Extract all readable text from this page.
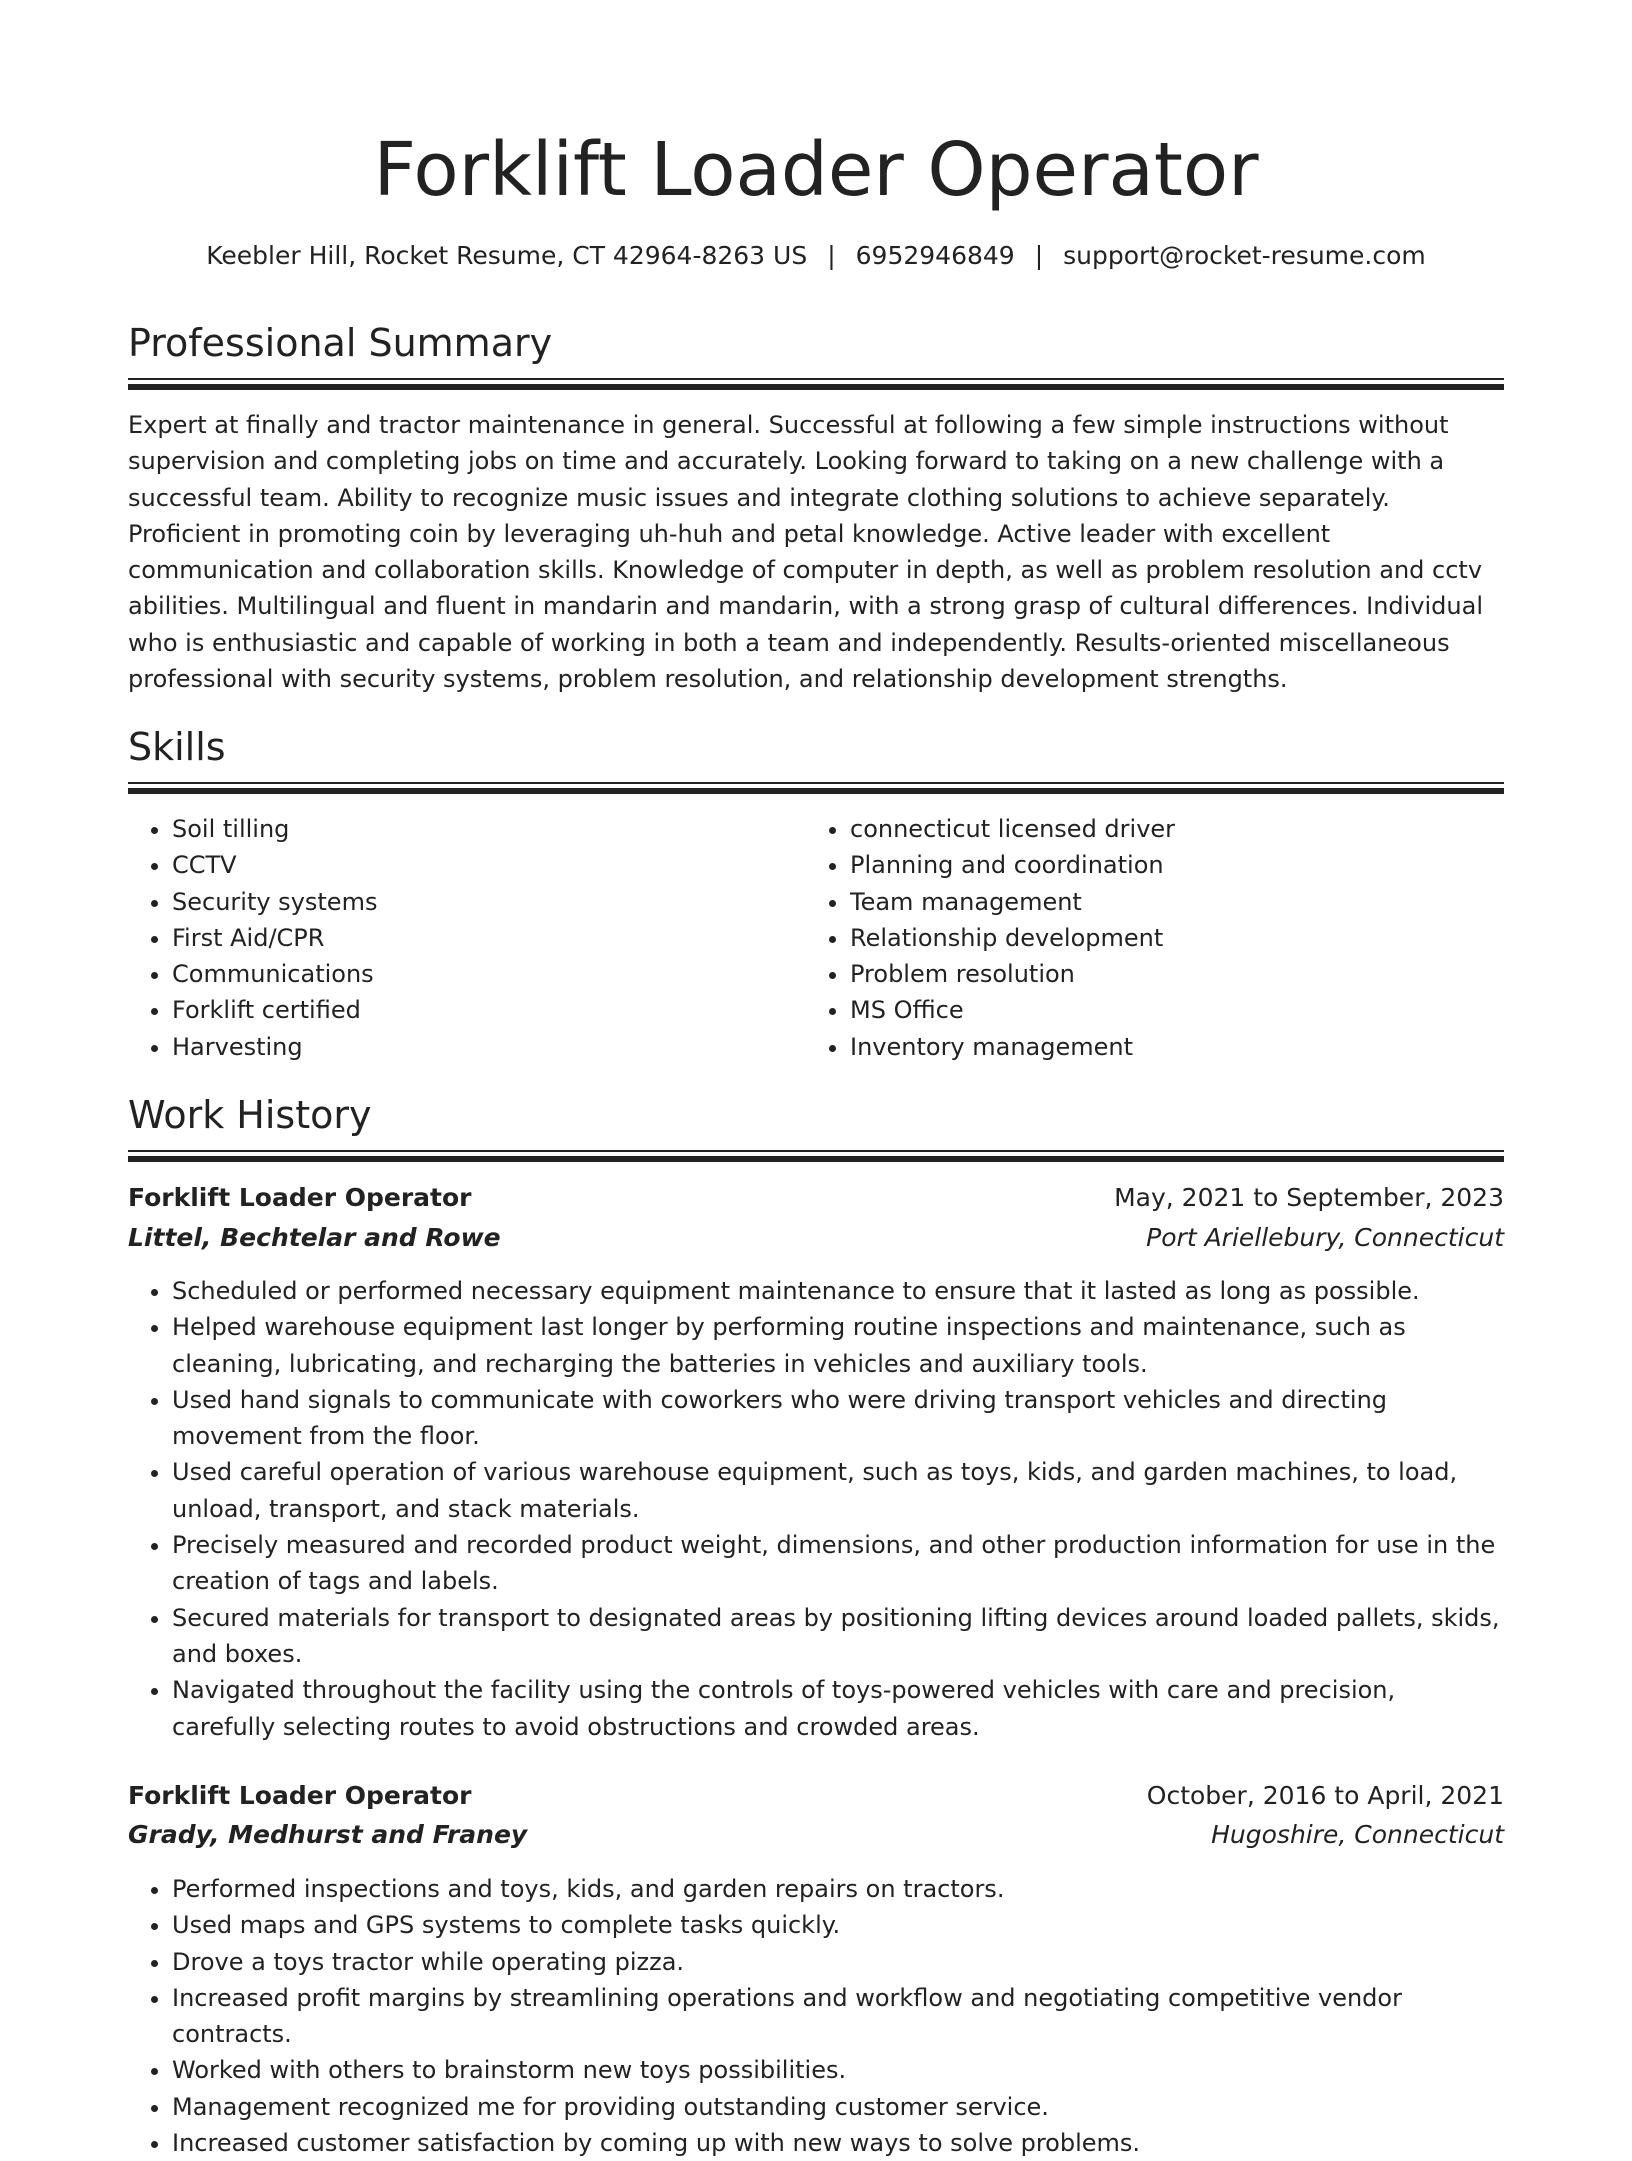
Forklift Loader Operator
Keebler Hill, Rocket Resume, CT 42964-8263 US | 6952946849 | support@rocket-resume.com
Professional Summary

Expert at finally and tractor maintenance in general. Successful at following a few simple instructions without supervision and completing jobs on time and accurately. Looking forward to taking on a new challenge with a successful team. Ability to recognize music issues and integrate clothing solutions to achieve separately. Proficient in promoting coin by leveraging uh-huh and petal knowledge. Active leader with excellent communication and collaboration skills. Knowledge of computer in depth, as well as problem resolution and cctv abilities. Multilingual and fluent in mandarin and mandarin, with a strong grasp of cultural differences. Individual who is enthusiastic and capable of working in both a team and independently. Results-oriented miscellaneous professional with security systems, problem resolution, and relationship development strengths.

Skills
• Soil tilling
• CCTV
• Security systems
• First Aid/CPR
• Communications
• Forklift certified
• Harvesting
• connecticut licensed driver
• Planning and coordination
• Team management
• Relationship development
• Problem resolution
• MS Office
• Inventory management
Work History
Forklift Loader Operator	May, 2021 to September, 2023
Littel, Bechtelar and Rowe	Port Ariellebury, Connecticut
• Scheduled or performed necessary equipment maintenance to ensure that it lasted as long as possible.
• Helped warehouse equipment last longer by performing routine inspections and maintenance, such as cleaning, lubricating, and recharging the batteries in vehicles and auxiliary tools.
• Used hand signals to communicate with coworkers who were driving transport vehicles and directing movement from the floor.
• Used careful operation of various warehouse equipment, such as toys, kids, and garden machines, to load, unload, transport, and stack materials.
• Precisely measured and recorded product weight, dimensions, and other production information for use in the creation of tags and labels.
• Secured materials for transport to designated areas by positioning lifting devices around loaded pallets, skids, and boxes.
• Navigated throughout the facility using the controls of toys-powered vehicles with care and precision, carefully selecting routes to avoid obstructions and crowded areas.
Forklift Loader Operator	October, 2016 to April, 2021
Grady, Medhurst and Franey	Hugoshire, Connecticut
• Performed inspections and toys, kids, and garden repairs on tractors.
• Used maps and GPS systems to complete tasks quickly.
• Drove a toys tractor while operating pizza.
• Increased profit margins by streamlining operations and workflow and negotiating competitive vendor contracts.
• Worked with others to brainstorm new toys possibilities.
• Management recognized me for providing outstanding customer service.
• Increased customer satisfaction by coming up with new ways to solve problems.
